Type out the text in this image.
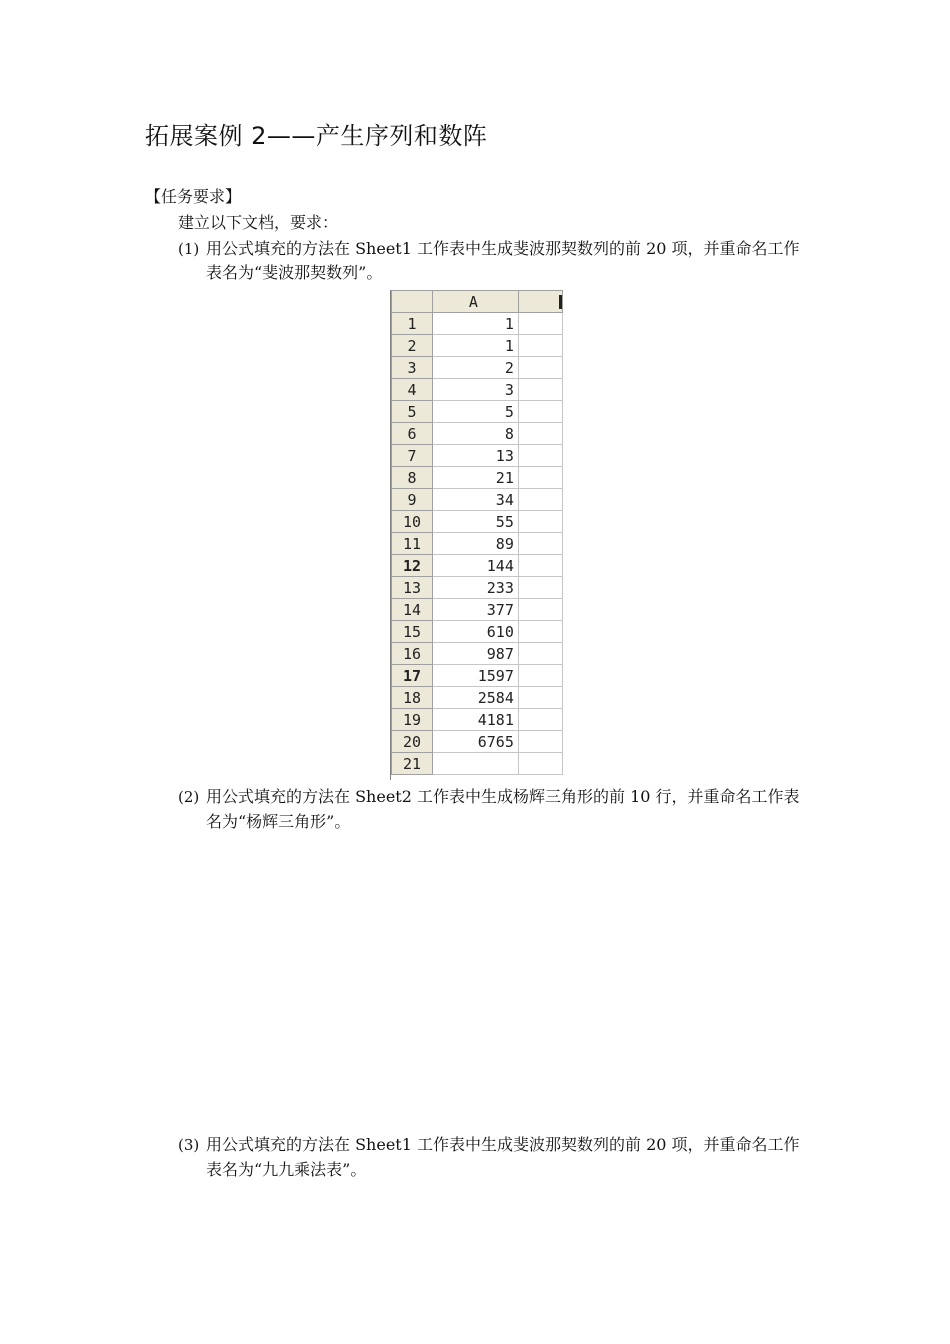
拓展案例 2——产生序列和数阵
【任务要求】
建立以下文档，要求：
(1) 用公式填充的方法在 Sheet1 工作表中生成斐波那契数列的前 20 项，并重命名工作
表名为“斐波那契数列”。
	A	
1	1	
2	1	
3	2	
4	3	
5	5	
6	8	
7	13	
8	21	
9	34	
10	55	
11	89	
12	144	
13	233	
14	377	
15	610	
16	987	
17	1597	
18	2584	
19	4181	
20	6765	
21		
(2) 用公式填充的方法在 Sheet2 工作表中生成杨辉三角形的前 10 行，并重命名工作表
名为“杨辉三角形”。
(3) 用公式填充的方法在 Sheet1 工作表中生成斐波那契数列的前 20 项，并重命名工作
表名为“九九乘法表”。
